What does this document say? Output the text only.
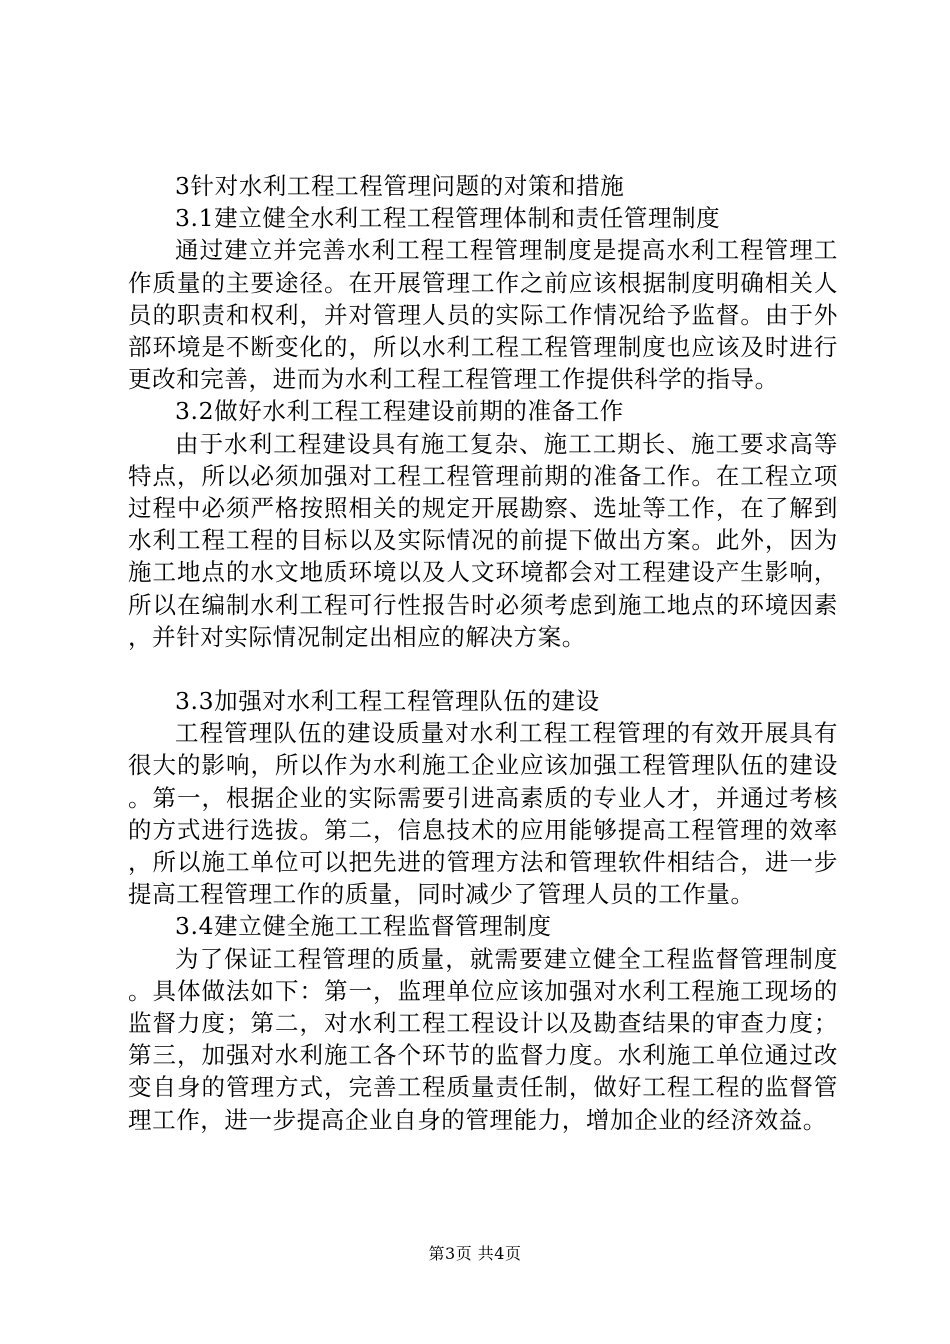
3针对水利工程工程管理问题的对策和措施

3.1建立健全水利工程工程管理体制和责任管理制度

通过建立并完善水利工程工程管理制度是提高水利工程管理工作质量的主要途径。在开展管理工作之前应该根据制度明确相关人员的职责和权利，并对管理人员的实际工作情况给予监督。由于外部环境是不断变化的，所以水利工程工程管理制度也应该及时进行更改和完善，进而为水利工程工程管理工作提供科学的指导。

3.2做好水利工程工程建设前期的准备工作

由于水利工程建设具有施工复杂、施工工期长、施工要求高等特点，所以必须加强对工程工程管理前期的准备工作。在工程立项过程中必须严格按照相关的规定开展勘察、选址等工作，在了解到水利工程工程的目标以及实际情况的前提下做出方案。此外，因为施工地点的水文地质环境以及人文环境都会对工程建设产生影响，所以在编制水利工程可行性报告时必须考虑到施工地点的环境因素，并针对实际情况制定出相应的解决方案。

3.3加强对水利工程工程管理队伍的建设

工程管理队伍的建设质量对水利工程工程管理的有效开展具有很大的影响，所以作为水利施工企业应该加强工程管理队伍的建设。第一，根据企业的实际需要引进高素质的专业人才，并通过考核的方式进行选拔。第二，信息技术的应用能够提高工程管理的效率，所以施工单位可以把先进的管理方法和管理软件相结合，进一步提高工程管理工作的质量，同时减少了管理人员的工作量。

3.4建立健全施工工程监督管理制度

为了保证工程管理的质量，就需要建立健全工程监督管理制度。具体做法如下：第一，监理单位应该加强对水利工程施工现场的监督力度；第二，对水利工程工程设计以及勘查结果的审查力度；第三，加强对水利施工各个环节的监督力度。水利施工单位通过改变自身的管理方式，完善工程质量责任制，做好工程工程的监督管理工作，进一步提高企业自身的管理能力，增加企业的经济效益。

第3页 共4页
